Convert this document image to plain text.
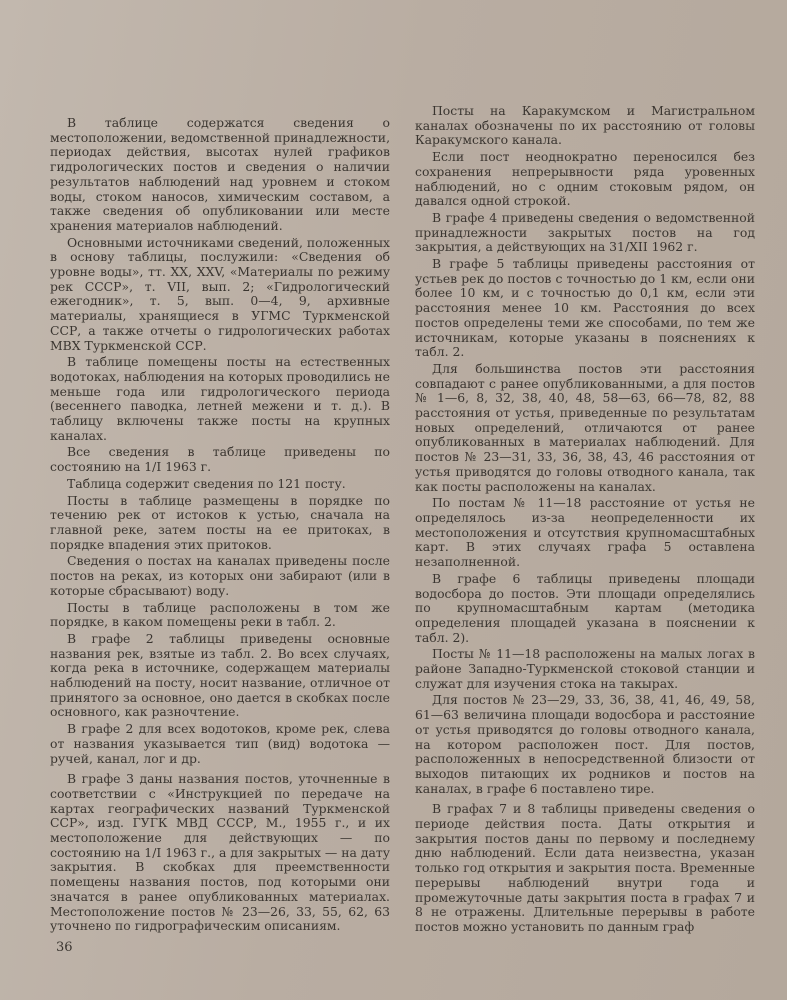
В таблице содержатся сведения о местоположении, ведомственной принадлежности, периодах действия, высотах нулей графиков гидрологических постов и сведения о наличии результатов наблюдений над уровнем и стоком воды, стоком наносов, химическим составом, а также сведения об опубликовании или месте хранения материалов наблюдений.

Основными источниками сведений, положенных в основу таблицы, послужили: «Сведения об уровне воды», тт. XX, XXV, «Материалы по режиму рек СССР», т. VII, вып. 2; «Гидрологический ежегодник», т. 5, вып. 0—4, 9, архивные материалы, хранящиеся в УГМС Туркменской ССР, а также отчеты о гидрологических работах МВХ Туркменской ССР.

В таблице помещены посты на естественных водотоках, наблюдения на которых проводились не меньше года или гидрологического периода (весеннего паводка, летней межени и т. д.). В таблицу включены также посты на крупных каналах.

Все сведения в таблице приведены по состоянию на 1/I 1963 г.

Таблица содержит сведения по 121 посту.

Посты в таблице размещены в порядке по течению рек от истоков к устью, сначала на главной реке, затем посты на ее притоках, в порядке впадения этих притоков.

Сведения о постах на каналах приведены после постов на реках, из которых они забирают (или в которые сбрасывают) воду.

Посты в таблице расположены в том же порядке, в каком помещены реки в табл. 2.

В графе 2 таблицы приведены основные названия рек, взятые из табл. 2. Во всех случаях, когда река в источнике, содержащем материалы наблюдений на посту, носит название, отличное от принятого за основное, оно дается в скобках после основного, как разночтение.

В графе 2 для всех водотоков, кроме рек, слева от названия указывается тип (вид) водотока — ручей, канал, лог и др.

В графе 3 даны названия постов, уточненные в соответствии с «Инструкцией по передаче на картах географических названий Туркменской ССР», изд. ГУГК МВД СССР, М., 1955 г., и их местоположение для действующих — по состоянию на 1/I 1963 г., а для закрытых — на дату закрытия. В скобках для преемственности помещены названия постов, под которыми они значатся в ранее опубликованных материалах. Местоположение постов № 23—26, 33, 55, 62, 63 уточнено по гидрографическим описаниям.

Посты на Каракумском и Магистральном каналах обозначены по их расстоянию от головы Каракумского канала.

Если пост неоднократно переносился без сохранения непрерывности ряда уровенных наблюдений, но с одним стоковым рядом, он давался одной строкой.

В графе 4 приведены сведения о ведомственной принадлежности закрытых постов на год закрытия, а действующих на 31/XII 1962 г.

В графе 5 таблицы приведены расстояния от устьев рек до постов с точностью до 1 км, если они более 10 км, и с точностью до 0,1 км, если эти расстояния менее 10 км. Расстояния до всех постов определены теми же способами, по тем же источникам, которые указаны в пояснениях к табл. 2.

Для большинства постов эти расстояния совпадают с ранее опубликованными, а для постов № 1—6, 8, 32, 38, 40, 48, 58—63, 66—78, 82, 88 расстояния от устья, приведенные по результатам новых определений, отличаются от ранее опубликованных в материалах наблюдений. Для постов № 23—31, 33, 36, 38, 43, 46 расстояния от устья приводятся до головы отводного канала, так как посты расположены на каналах.

По постам № 11—18 расстояние от устья не определялось из-за неопределенности их местоположения и отсутствия крупномасштабных карт. В этих случаях графа 5 оставлена незаполненной.

В графе 6 таблицы приведены площади водосбора до постов. Эти площади определялись по крупномасштабным картам (методика определения площадей указана в пояснении к табл. 2).

Посты № 11—18 расположены на малых логах в районе Западно-Туркменской стоковой станции и служат для изучения стока на такырах.

Для постов № 23—29, 33, 36, 38, 41, 46, 49, 58, 61—63 величина площади водосбора и расстояние от устья приводятся до головы отводного канала, на котором расположен пост. Для постов, расположенных в непосредственной близости от выходов питающих их родников и постов на каналах, в графе 6 поставлено тире.

В графах 7 и 8 таблицы приведены сведения о периоде действия поста. Даты открытия и закрытия постов даны по первому и последнему дню наблюдений. Если дата неизвестна, указан только год открытия и закрытия поста. Временные перерывы наблюдений внутри года и промежуточные даты закрытия поста в графах 7 и 8 не отражены. Длительные перерывы в работе постов можно установить по данным граф

36
